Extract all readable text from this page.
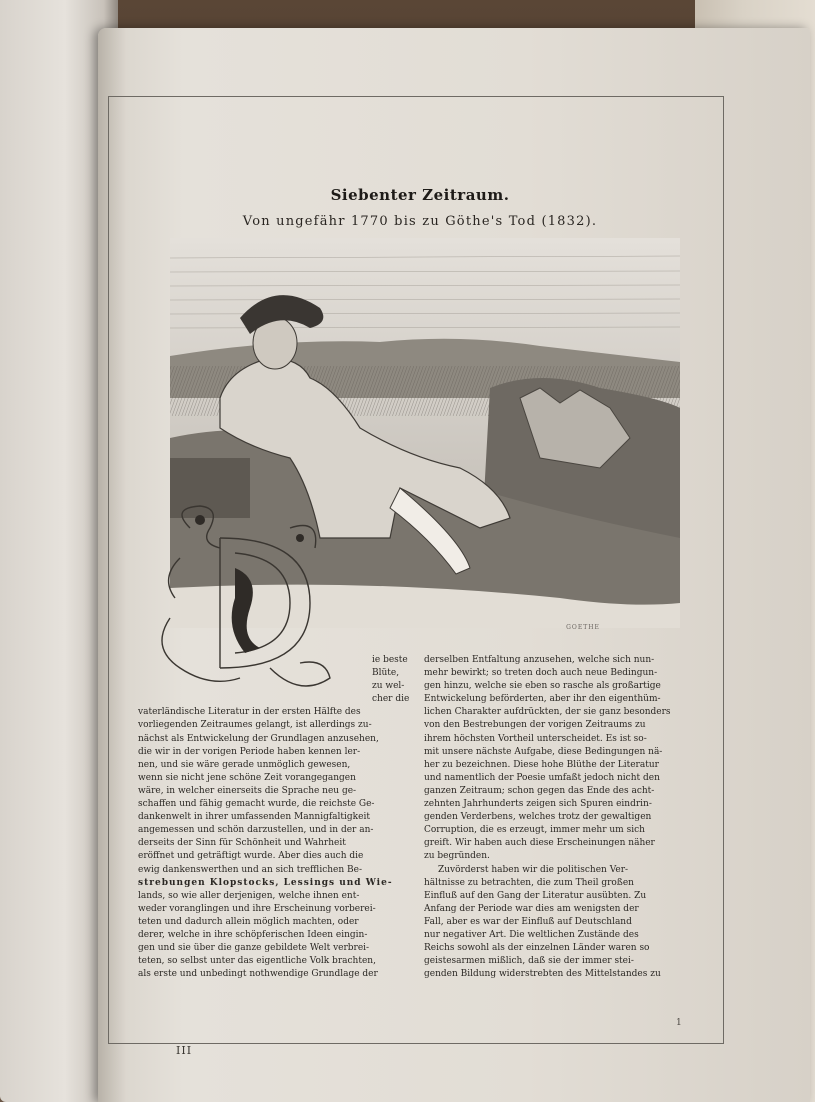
Siebenter Zeitraum.
Von ungefähr 1770 bis zu Göthe's Tod (1832).
GOETHE
ie beste
Blüte,
zu wel-
cher die
vaterländische Literatur in der ersten Hälfte des
vorliegenden Zeitraumes gelangt, ist allerdings zu-
nächst als Entwickelung der Grundlagen anzusehen,
die wir in der vorigen Periode haben kennen ler-
nen, und sie wäre gerade unmöglich gewesen,
wenn sie nicht jene schöne Zeit vorangegangen
wäre, in welcher einerseits die Sprache neu ge-
schaffen und fähig gemacht wurde, die reichste Ge-
dankenwelt in ihrer umfassenden Mannigfaltigkeit
angemessen und schön darzustellen, und in der an-
derseits der Sinn für Schönheit und Wahrheit
eröffnet und geträftigt wurde. Aber dies auch die
ewig dankenswerthen und an sich trefflichen Be-
strebungen Klopstocks, Lessings und Wie-
lands, so wie aller derjenigen, welche ihnen ent-
weder voranglingen und ihre Erscheinung vorberei-
teten und dadurch allein möglich machten, oder
derer, welche in ihre schöpferischen Ideen eingin-
gen und sie über die ganze gebildete Welt verbrei-
teten, so selbst unter das eigentliche Volk brachten,
als erste und unbedingt nothwendige Grundlage der
derselben Entfaltung anzusehen, welche sich nun-
mehr bewirkt; so treten doch auch neue Bedingun-
gen hinzu, welche sie eben so rasche als großartige
Entwickelung beförderten, aber ihr den eigenthüm-
lichen Charakter aufdrückten, der sie ganz besonders
von den Bestrebungen der vorigen Zeitraums zu
ihrem höchsten Vortheil unterscheidet. Es ist so-
mit unsere nächste Aufgabe, diese Bedingungen nä-
her zu bezeichnen. Diese hohe Blüthe der Literatur
und namentlich der Poesie umfaßt jedoch nicht den
ganzen Zeitraum; schon gegen das Ende des acht-
zehnten Jahrhunderts zeigen sich Spuren eindrin-
genden Verderbens, welches trotz der gewaltigen
Corruption, die es erzeugt, immer mehr um sich
greift. Wir haben auch diese Erscheinungen näher
zu begründen.
Zuvörderst haben wir die politischen Ver-
hältnisse zu betrachten, die zum Theil großen
Einfluß auf den Gang der Literatur ausübten. Zu
Anfang der Periode war dies am wenigsten der
Fall, aber es war der Einfluß auf Deutschland
nur negativer Art. Die weltlichen Zustände des
Reichs sowohl als der einzelnen Länder waren so
geistesarmen mißlich, daß sie der immer stei-
genden Bildung widerstrebten des Mittelstandes zu
1
III
